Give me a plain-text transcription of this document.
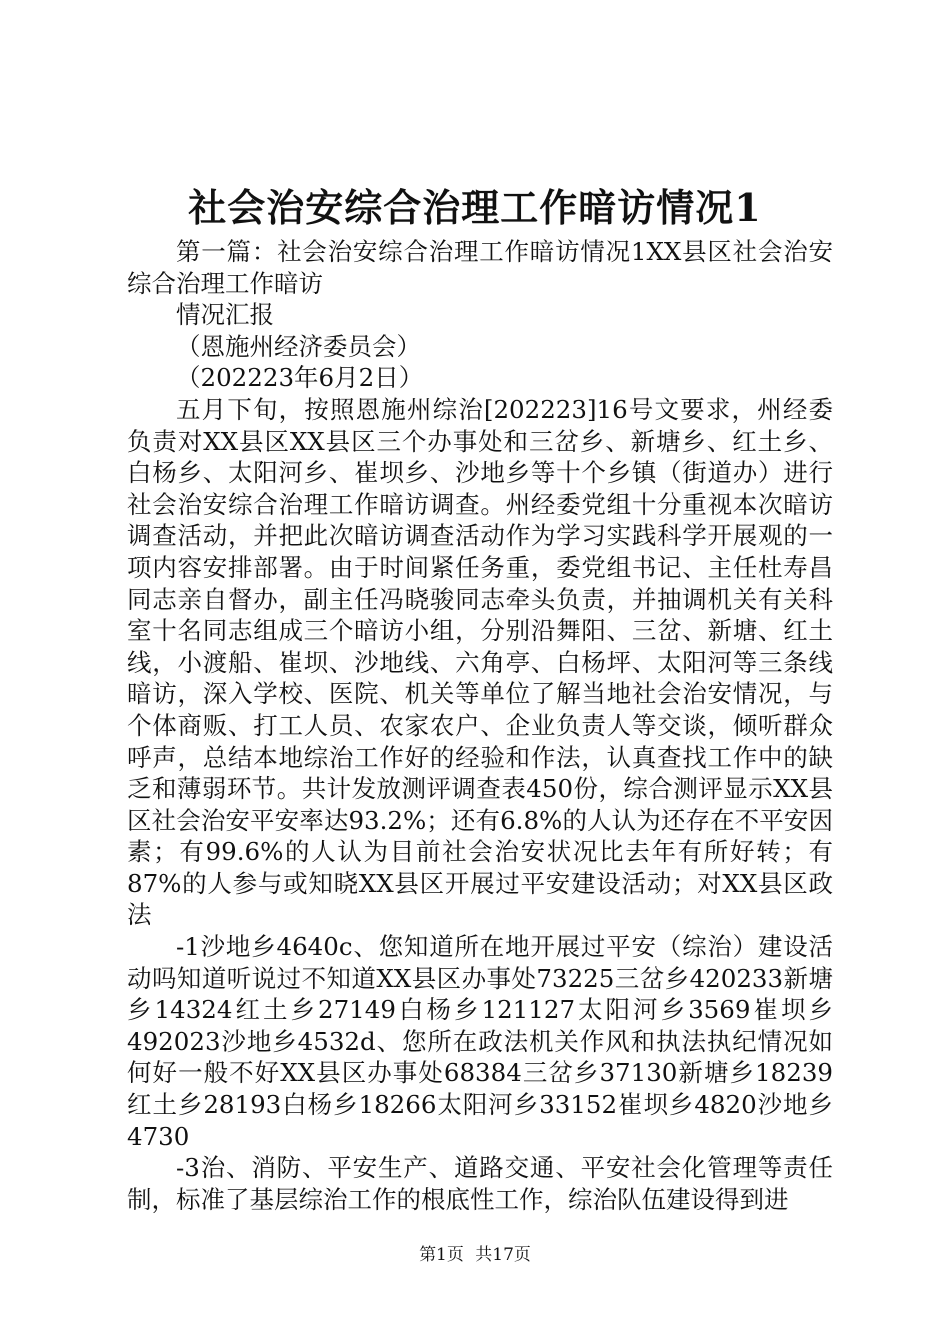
社会治安综合治理工作暗访情况1

第一篇：社会治安综合治理工作暗访情况1XX县区社会治安综合治理工作暗访

情况汇报

（恩施州经济委员会）

（202223年6月2日）

五月下旬，按照恩施州综治[202223]16号文要求，州经委负责对XX县区XX县区三个办事处和三岔乡、新塘乡、红土乡、白杨乡、太阳河乡、崔坝乡、沙地乡等十个乡镇（街道办）进行社会治安综合治理工作暗访调查。州经委党组十分重视本次暗访调查活动，并把此次暗访调查活动作为学习实践科学开展观的一项内容安排部署。由于时间紧任务重，委党组书记、主任杜寿昌同志亲自督办，副主任冯晓骏同志牵头负责，并抽调机关有关科室十名同志组成三个暗访小组，分别沿舞阳、三岔、新塘、红土线，小渡船、崔坝、沙地线、六角亭、白杨坪、太阳河等三条线暗访，深入学校、医院、机关等单位了解当地社会治安情况，与个体商贩、打工人员、农家农户、企业负责人等交谈，倾听群众呼声，总结本地综治工作好的经验和作法，认真查找工作中的缺乏和薄弱环节。共计发放测评调查表450份，综合测评显示XX县区社会治安平安率达93.2%；还有6.8%的人认为还存在不平安因素；有99.6%的人认为目前社会治安状况比去年有所好转；有87%的人参与或知晓XX县区开展过平安建设活动；对XX县区政法

-1沙地乡4640c、您知道所在地开展过平安（综治）建设活动吗知道听说过不知道XX县区办事处73225三岔乡420233新塘乡14324红土乡27149白杨乡121127太阳河乡3569崔坝乡492023沙地乡4532d、您所在政法机关作风和执法执纪情况如何好一般不好XX县区办事处68384三岔乡37130新塘乡18239红土乡28193白杨乡18266太阳河乡33152崔坝乡4820沙地乡4730

-3治、消防、平安生产、道路交通、平安社会化管理等责任制，标准了基层综治工作的根底性工作，综治队伍建设得到进

第1页 共17页
